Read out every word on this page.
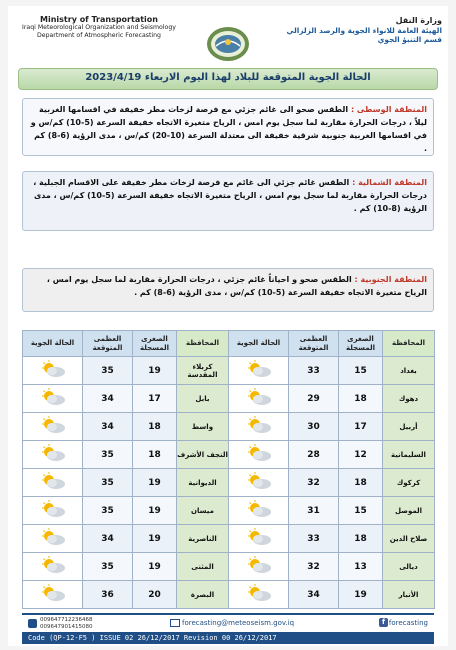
Ministry of Transportation
Iraqi Meteorological Organization and Seismology
Department of Atmospheric Forecasting
وزارة النقل
الهيئة العامة للانواء الجوية والرصد الزلزالي
قسم التنبؤ الجوي
الحالة الجوية المتوقعة للبلاد لهذا اليوم الاربعاء 2023/4/19
المنطقة الوسطى : الطقس صحو الى غائم جزئي مع فرصة لزخات مطر خفيفة في اقسامها الغربية ليلاً ، درجات الحرارة مقاربة لما سجل يوم امس ، الرياح متغيرة الاتجاه خفيفة السرعة (5-10) كم/س و في اقسامها الغربية جنوبية شرقية خفيفة الى معتدلة السرعة (10-20) كم/س ، مدى الرؤية (6-8) كم .
المنطقة الشمالية : الطقس غائم جزئي الى غائم مع فرصة لزخات مطر خفيفة على الاقسام الجبلية ، درجات الحرارة مقاربة لما سجل يوم امس ، الرياح متغيرة الاتجاه خفيفة السرعة (5-10) كم/س ، مدى الرؤية (8-10) كم .
المنطقة الجنوبية : الطقس صحو و احياناً غائم جزئي ، درجات الحرارة مقاربة لما سجل يوم امس ، الرياح متغيرة الاتجاه خفيفة السرعة (5-10) كم/س ، مدى الرؤية (6-8) كم .
المحافظة	الصغرى المسجلة	العظمى المتوقعة	الحالة الجوية	المحافظة	الصغرى المسجلة	العظمى المتوقعة	الحالة الجوية
بغداد	15	33		كربلاء المقدسة	19	35	
دهوك	18	29		بابل	17	34	
أربيل	17	30		واسط	18	34	
السليمانية	12	28		النجف الأشرف	18	35	
كركوك	18	32		الديوانية	19	35	
الموصل	15	31		ميسان	19	35	
صلاح الدين	18	33		الناصرية	19	34	
ديالى	13	32		المثنى	19	35	
الأنبار	19	34		البصرة	20	36	
009647712236468
009647901415080	forecasting@meteoseism.gov.iq	f forecasting
Code (QP-12-F5 ) ISSUE 02 26/12/2017 Revision 00 26/12/2017
